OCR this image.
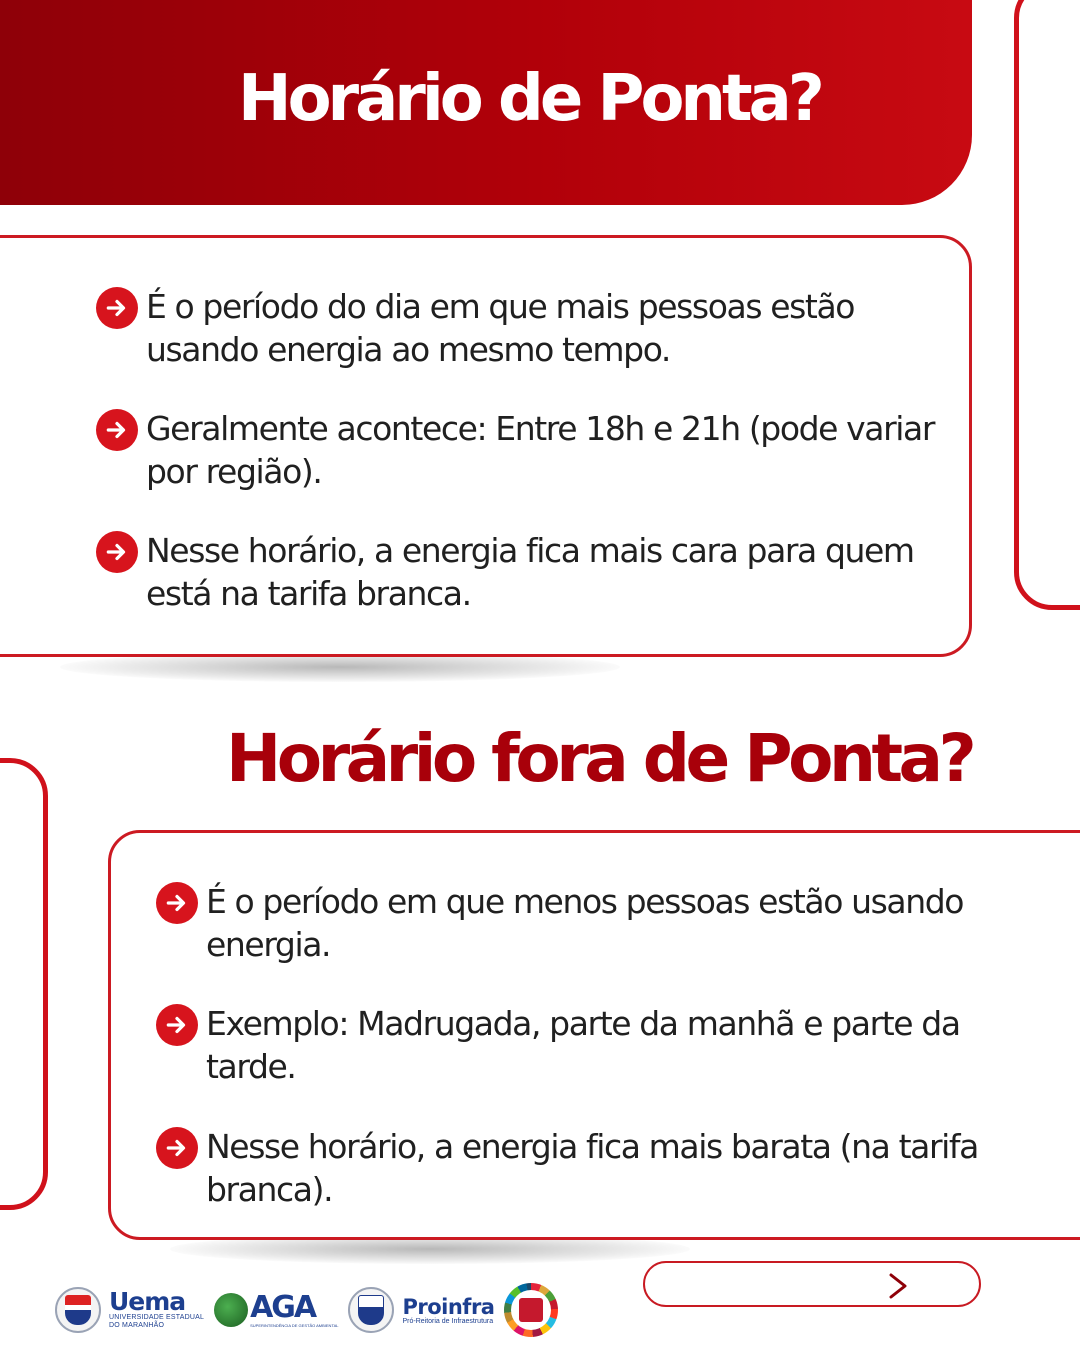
Horário de Ponta?
É o período do dia em que mais pessoas estão usando energia ao mesmo tempo.
Geralmente acontece: Entre 18h e 21h (pode variar por região).
Nesse horário, a energia fica mais cara para quem está na tarifa branca.
Horário fora de Ponta?
É o período em que menos pessoas estão usando energia.
Exemplo: Madrugada, parte da manhã e parte da tarde.
Nesse horário, a energia fica mais barata (na tarifa branca).
Uema
UNIVERSIDADE ESTADUAL
DO MARANHÃO
AGA
SUPERINTENDÊNCIA DE GESTÃO AMBIENTAL
Proinfra
Pró-Reitoria de Infraestrutura
